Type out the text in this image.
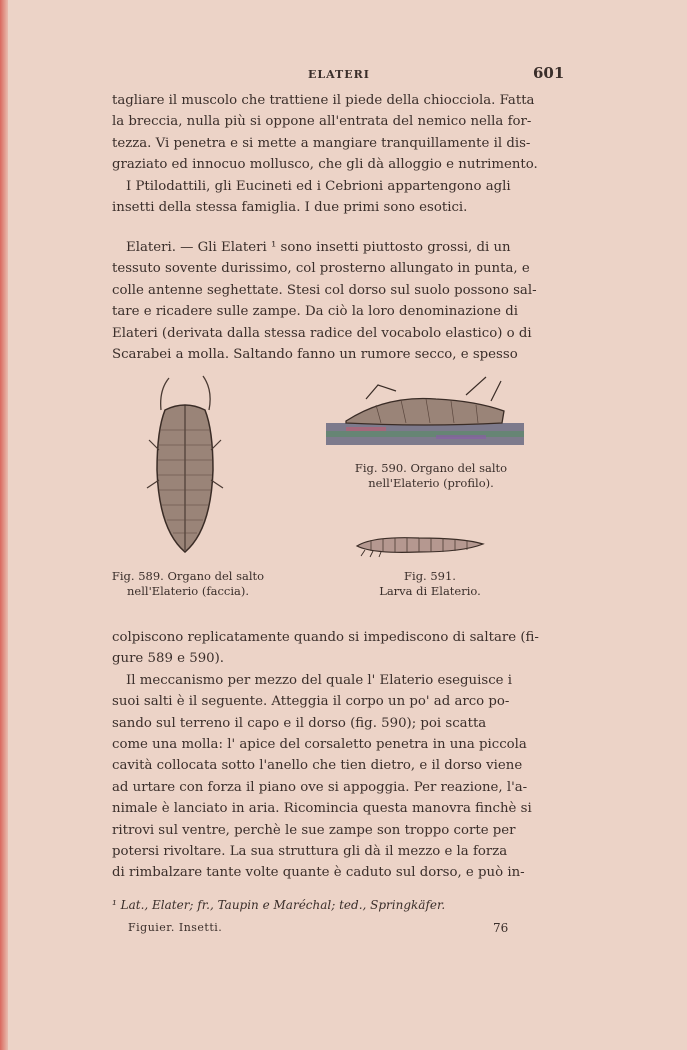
ELATERI	601

tagliare il muscolo che trattiene il piede della chiocciola. Fatta

la breccia, nulla più si oppone all'entrata del nemico nella for-

tezza. Vi penetra e si mette a mangiare tranquillamente il dis-

graziato ed innocuo mollusco, che gli dà alloggio e nutrimento.

I Ptilodattili, gli Eucineti ed i Cebrioni appartengono agli

insetti della stessa famiglia. I due primi sono esotici.

Elateri. — Gli Elateri ¹ sono insetti piuttosto grossi, di un

tessuto sovente durissimo, col prosterno allungato in punta, e

colle antenne seghettate. Stesi col dorso sul suolo possono sal-

tare e ricadere sulle zampe. Da ciò la loro denominazione di

Elateri (derivata dalla stessa radice del vocabolo elastico) o di

Scarabei a molla. Saltando fanno un rumore secco, e spesso

Fig. 589. Organo del salto
nell'Elaterio (faccia).
Fig. 590. Organo del salto
nell'Elaterio (profilo).
Fig. 591.
Larva di Elaterio.

colpiscono replicatamente quando si impediscono di saltare (fi-

gure 589 e 590).

Il meccanismo per mezzo del quale l' Elaterio eseguisce i

suoi salti è il seguente. Atteggia il corpo un po' ad arco po-

sando sul terreno il capo e il dorso (fig. 590); poi scatta

come una molla: l' apice del corsaletto penetra in una piccola

cavità collocata sotto l'anello che tien dietro, e il dorso viene

ad urtare con forza il piano ove si appoggia. Per reazione, l'a-

nimale è lanciato in aria. Ricomincia questa manovra finchè si

ritrovi sul ventre, perchè le sue zampe son troppo corte per

potersi rivoltare. La sua struttura gli dà il mezzo e la forza

di rimbalzare tante volte quante è caduto sul dorso, e può in-

¹ Lat., Elater; fr., Taupin e Maréchal; ted., Springkäfer.
Figuier. Insetti.	76
